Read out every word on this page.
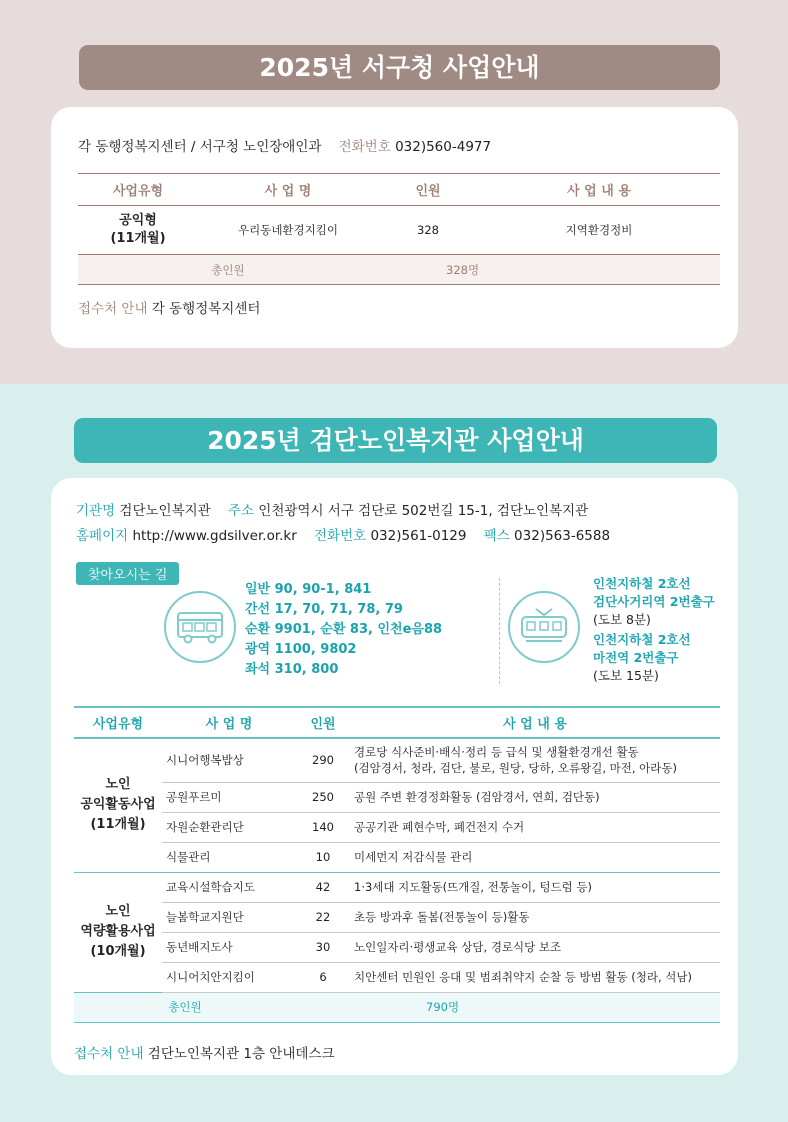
2025년 서구청 사업안내
각 동행정복지센터 / 서구청 노인장애인과 전화번호 032)560-4977
사업유형	사 업 명	인원	사 업 내 용
공익형
(11개월)	우리동네환경지킴이	328	지역환경정비
총인원		328명	
접수처 안내 각 동행정복지센터
2025년 검단노인복지관 사업안내
기관명 검단노인복지관 주소 인천광역시 서구 검단로 502번길 15-1, 검단노인복지관
홈페이지 http://www.gdsilver.or.kr 전화번호 032)561-0129 팩스 032)563-6588
찾아오시는 길
일반 90, 90-1, 841
간선 17, 70, 71, 78, 79
순환 9901, 순환 83, 인천e음88
광역 1100, 9802
좌석 310, 800
인천지하철 2호선
검단사거리역 2번출구
(도보 8분)
인천지하철 2호선
마전역 2번출구
(도보 15분)
사업유형	사 업 명	인원	사 업 내 용
노인
공익활동사업
(11개월)	시니어행복밥상	290	경로당 식사준비·배식·정리 등 급식 및 생활환경개선 활동
(검암경서, 청라, 검단, 불로, 원당, 당하, 오류왕길, 마전, 아라동)
	공원푸르미	250	공원 주변 환경정화활동 (검암경서, 연희, 검단동)
	자원순환관리단	140	공공기관 폐현수막, 폐건전지 수거
	식물관리	10	미세먼지 저감식물 관리
노인
역량활용사업
(10개월)	교육시설학습지도	42	1·3세대 지도활동(뜨개질, 전통놀이, 텅드럼 등)
	늘봄학교지원단	22	초등 방과후 돌봄(전통놀이 등)활동
	동년배지도사	30	노인일자리·평생교육 상담, 경로식당 보조
	시니어치안지킴이	6	치안센터 민원인 응대 및 범죄취약지 순찰 등 방범 활동 (청라, 석남)
총인원		790명	
접수처 안내 검단노인복지관 1층 안내데스크
